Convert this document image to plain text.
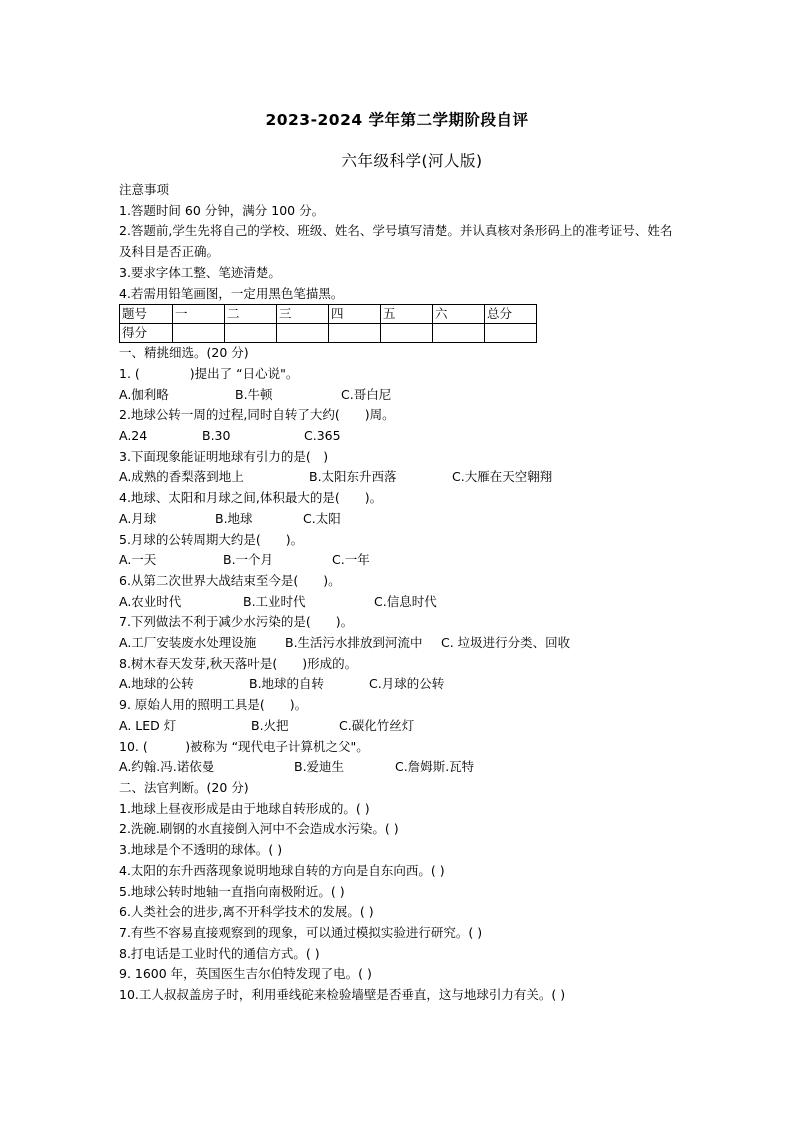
2023-2024 学年第二学期阶段自评
六年级科学(河人版)
注意事项
1.答题时间 60 分钟，满分 100 分。
2.答题前,学生先将自己的学校、班级、姓名、学号填写清楚。并认真核对条形码上的准考证号、姓名及科目是否正确。
3.要求字体工整、笔迹清楚。
4.若需用铅笔画图，一定用黑色笔描黑。
题号	一	二	三	四	五	六	总分
得分							
一、精挑细选。(20 分)
1. (　　　　)提出了 “日心说"。
A.伽利略	B.牛顿	C.哥白尼
2.地球公转一周的过程,同时自转了大约(　　)周。
A.24	B.30	C.365
3.下面现象能证明地球有引力的是(　)
A.成熟的香梨落到地上	B.太阳东升西落	C.大雁在天空翱翔
4.地球、太阳和月球之间,体积最大的是(　　)。
A.月球	B.地球	C.太阳
5.月球的公转周期大约是(　　)。
A.一天	B.一个月	C.一年
6.从第二次世界大战结束至今是(　　)。
A.农业时代	B.工业时代	C.信息时代
7.下列做法不利于减少水污染的是(　　)。
A.工厂安装废水处理设施 B.生活污水排放到河流中 C. 垃圾进行分类、回收
8.树木春天发芽,秋天落叶是(　　)形成的。
A.地球的公转	B.地球的自转	C.月球的公转
9. 原始人用的照明工具是(　　)。
A. LED 灯	B.火把	C.碳化竹丝灯
10. (　　　)被称为 “现代电子计算机之父"。
A.约翰.冯.诺依曼	B.爱迪生	C.詹姆斯.瓦特
二、法官判断。(20 分)
1.地球上昼夜形成是由于地球自转形成的。( )
2.洗碗.刷钢的水直接倒入河中不会造成水污染。( )
3.地球是个不透明的球体。( )
4.太阳的东升西落现象说明地球自转的方向是自东向西。( )
5.地球公转时地轴一直指向南极附近。( )
6.人类社会的进步,离不开科学技术的发展。( )
7.有些不容易直接观察到的现象，可以通过模拟实验进行研究。( )
8.打电话是工业时代的通信方式。( )
9. 1600 年，英国医生吉尔伯特发现了电。( )
10.工人叔叔盖房子时，利用垂线砣来检验墙壁是否垂直，这与地球引力有关。( )
